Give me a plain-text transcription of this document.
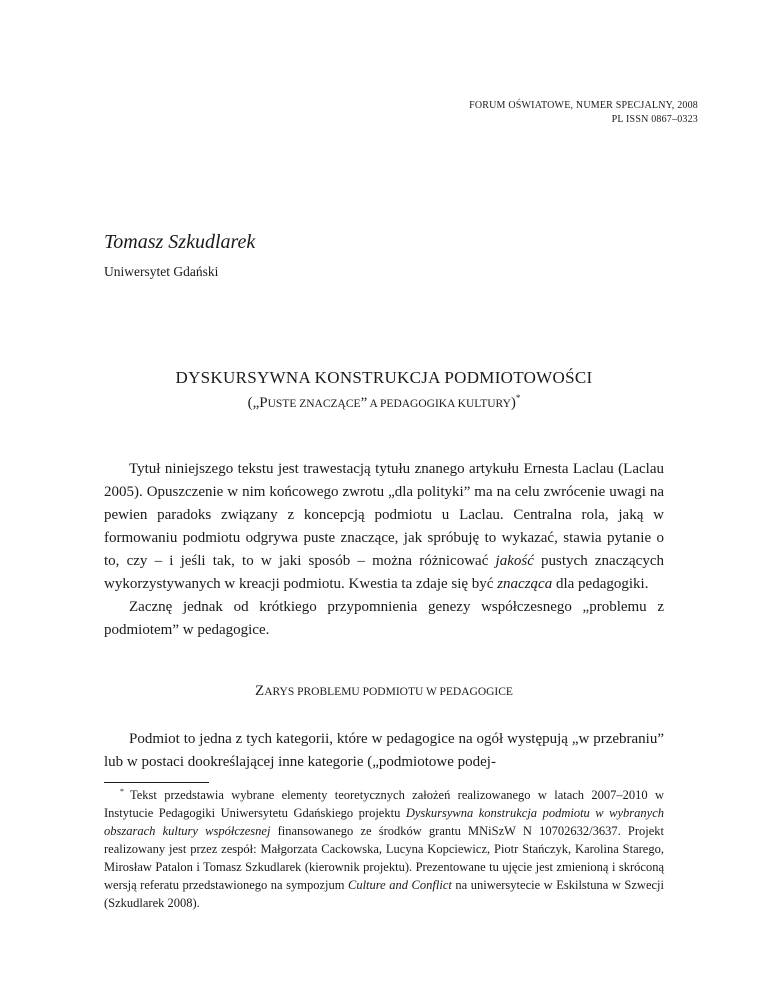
FORUM OŚWIATOWE, NUMER SPECJALNY, 2008
PL ISSN 0867–0323
Tomasz Szkudlarek
Uniwersytet Gdański
DYSKURSYWNA KONSTRUKCJA PODMIOTOWOŚCI
(„PUSTE ZNACZĄCE” A PEDAGOGIKA KULTURY)*

Tytuł niniejszego tekstu jest trawestacją tytułu znanego artykułu Ernesta Laclau (Laclau 2005). Opuszczenie w nim końcowego zwrotu „dla polityki” ma na celu zwrócenie uwagi na pewien paradoks związany z koncepcją podmiotu u Laclau. Centralna rola, jaką w formowaniu podmiotu odgrywa puste znaczące, jak spróbuję to wykazać, stawia pytanie o to, czy – i jeśli tak, to w jaki sposób – można różnicować jakość pustych znaczących wykorzystywanych w kreacji podmiotu. Kwestia ta zdaje się być znacząca dla pedagogiki.

Zacznę jednak od krótkiego przypomnienia genezy współczesnego „problemu z podmiotem” w pedagogice.

ZARYS PROBLEMU PODMIOTU W PEDAGOGICE

Podmiot to jedna z tych kategorii, które w pedagogice na ogół występują „w przebraniu” lub w postaci dookreślającej inne kategorie („podmiotowe podej-

* Tekst przedstawia wybrane elementy teoretycznych założeń realizowanego w latach 2007–2010 w Instytucie Pedagogiki Uniwersytetu Gdańskiego projektu Dyskursywna konstrukcja podmiotu w wybranych obszarach kultury współczesnej finansowanego ze środków grantu MNiSzW N 10702632/3637. Projekt realizowany jest przez zespół: Małgorzata Cackowska, Lucyna Kopciewicz, Piotr Stańczyk, Karolina Starego, Mirosław Patalon i Tomasz Szkudlarek (kierownik projektu). Prezentowane tu ujęcie jest zmienioną i skróconą wersją referatu przedstawionego na sympozjum Culture and Conflict na uniwersytecie w Eskilstuna w Szwecji (Szkudlarek 2008).
